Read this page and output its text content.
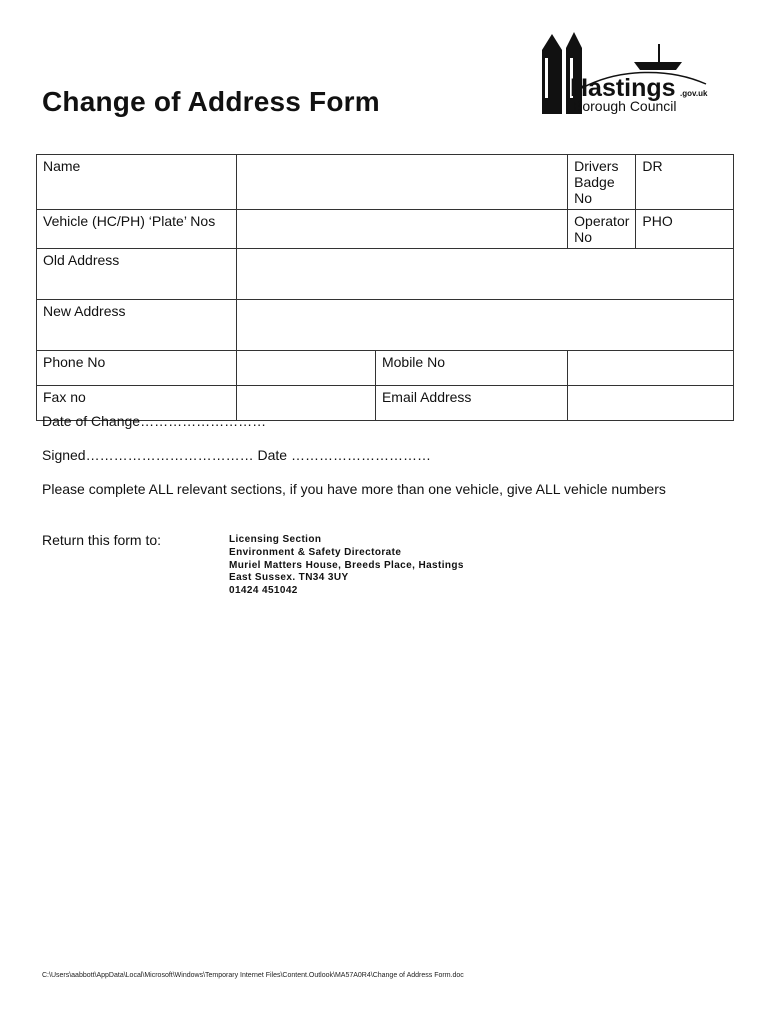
Change of Address Form	Hastings .gov.uk
Borough Council
Name			Drivers Badge No	DR
Vehicle (HC/PH) ‘Plate’ Nos			Operator No	PHO
Old Address				
New Address				
Phone No		Mobile No		
Fax no		Email Address		
Date of Change………………………
Signed……………………………… Date …………………………
Please complete ALL relevant sections, if you have more than one vehicle, give ALL vehicle numbers
Return this form to:	Licensing Section
Environment & Safety Directorate
Muriel Matters House, Breeds Place, Hastings
East Sussex. TN34 3UY
01424 451042
C:\Users\aabbott\AppData\Local\Microsoft\Windows\Temporary Internet Files\Content.Outlook\MA57A0R4\Change of Address Form.doc
